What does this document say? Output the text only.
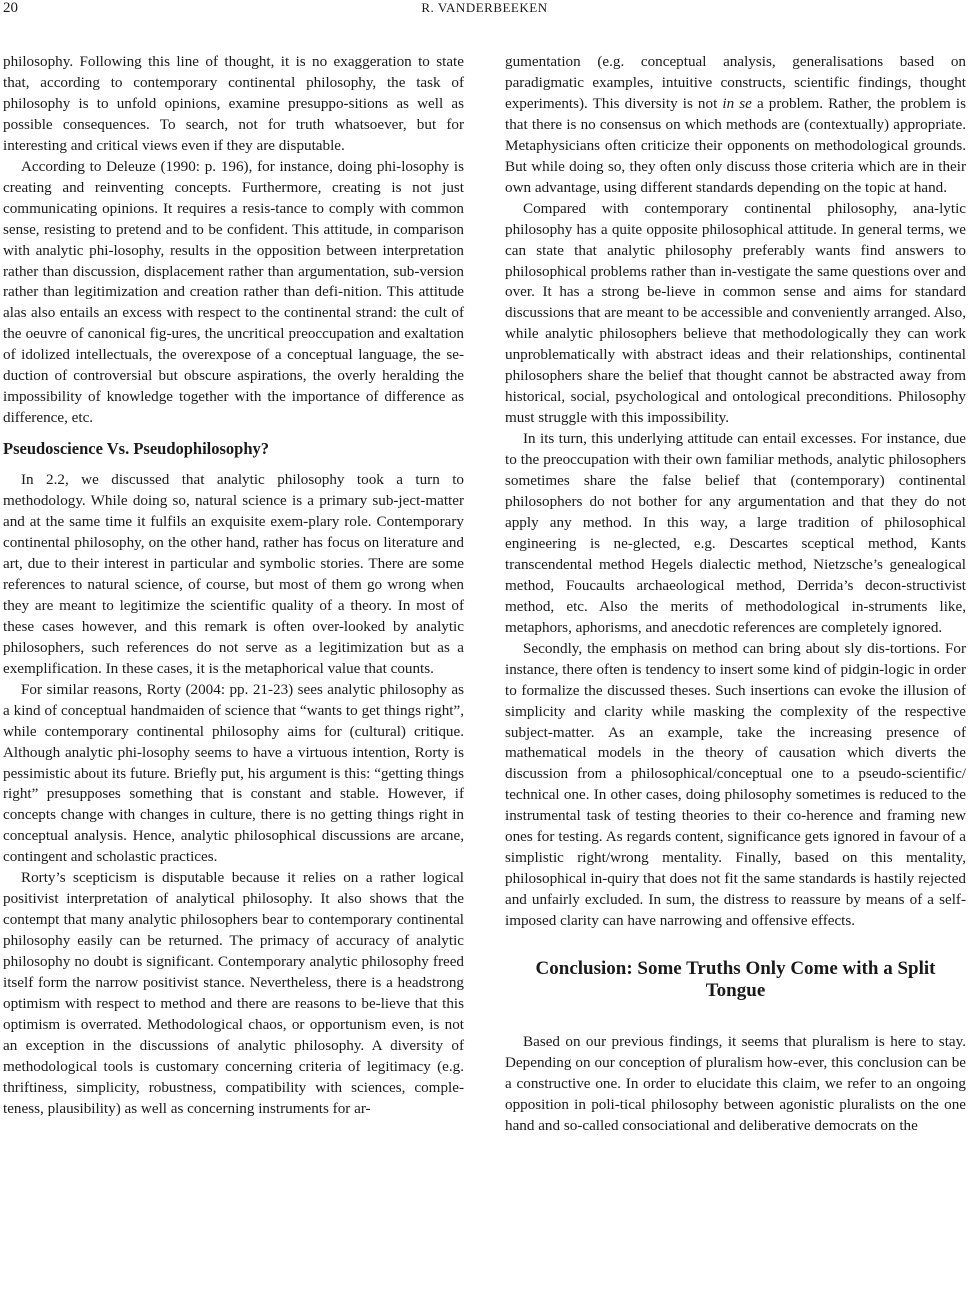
20	R. VANDERBEEKEN

philosophy. Following this line of thought, it is no exaggeration to state that, according to contemporary continental philosophy, the task of philosophy is to unfold opinions, examine presuppo-sitions as well as possible consequences. To search, not for truth whatsoever, but for interesting and critical views even if they are disputable.

According to Deleuze (1990: p. 196), for instance, doing phi-losophy is creating and reinventing concepts. Furthermore, creating is not just communicating opinions. It requires a resis-tance to comply with common sense, resisting to pretend and to be confident. This attitude, in comparison with analytic phi-losophy, results in the opposition between interpretation rather than discussion, displacement rather than argumentation, sub-version rather than legitimization and creation rather than defi-nition. This attitude alas also entails an excess with respect to the continental strand: the cult of the oeuvre of canonical fig-ures, the uncritical preoccupation and exaltation of idolized intellectuals, the overexpose of a conceptual language, the se-duction of controversial but obscure aspirations, the overly heralding the impossibility of knowledge together with the importance of difference as difference, etc.

Pseudoscience Vs. Pseudophilosophy?

In 2.2, we discussed that analytic philosophy took a turn to methodology. While doing so, natural science is a primary sub-ject-matter and at the same time it fulfils an exquisite exem-plary role. Contemporary continental philosophy, on the other hand, rather has focus on literature and art, due to their interest in particular and symbolic stories. There are some references to natural science, of course, but most of them go wrong when they are meant to legitimize the scientific quality of a theory. In most of these cases however, and this remark is often over-looked by analytic philosophers, such references do not serve as a legitimization but as a exemplification. In these cases, it is the metaphorical value that counts.

For similar reasons, Rorty (2004: pp. 21-23) sees analytic philosophy as a kind of conceptual handmaiden of science that “wants to get things right”, while contemporary continental philosophy aims for (cultural) critique. Although analytic phi-losophy seems to have a virtuous intention, Rorty is pessimistic about its future. Briefly put, his argument is this: “getting things right” presupposes something that is constant and stable. However, if concepts change with changes in culture, there is no getting things right in conceptual analysis. Hence, analytic philosophical discussions are arcane, contingent and scholastic practices.

Rorty’s scepticism is disputable because it relies on a rather logical positivist interpretation of analytical philosophy. It also shows that the contempt that many analytic philosophers bear to contemporary continental philosophy easily can be returned. The primacy of accuracy of analytic philosophy no doubt is significant. Contemporary analytic philosophy freed itself form the narrow positivist stance. Nevertheless, there is a headstrong optimism with respect to method and there are reasons to be-lieve that this optimism is overrated. Methodological chaos, or opportunism even, is not an exception in the discussions of analytic philosophy. A diversity of methodological tools is customary concerning criteria of legitimacy (e.g. thriftiness, simplicity, robustness, compatibility with sciences, comple-teness, plausibility) as well as concerning instruments for ar-

gumentation (e.g. conceptual analysis, generalisations based on paradigmatic examples, intuitive constructs, scientific findings, thought experiments). This diversity is not in se a problem. Rather, the problem is that there is no consensus on which methods are (contextually) appropriate. Metaphysicians often criticize their opponents on methodological grounds. But while doing so, they often only discuss those criteria which are in their own advantage, using different standards depending on the topic at hand.

Compared with contemporary continental philosophy, ana-lytic philosophy has a quite opposite philosophical attitude. In general terms, we can state that analytic philosophy preferably wants find answers to philosophical problems rather than in-vestigate the same questions over and over. It has a strong be-lieve in common sense and aims for standard discussions that are meant to be accessible and conveniently arranged. Also, while analytic philosophers believe that methodologically they can work unproblematically with abstract ideas and their relationships, continental philosophers share the belief that thought cannot be abstracted away from historical, social, psychological and ontological preconditions. Philosophy must struggle with this impossibility.

In its turn, this underlying attitude can entail excesses. For instance, due to the preoccupation with their own familiar methods, analytic philosophers sometimes share the false belief that (contemporary) continental philosophers do not bother for any argumentation and that they do not apply any method. In this way, a large tradition of philosophical engineering is ne-glected, e.g. Descartes sceptical method, Kants transcendental method Hegels dialectic method, Nietzsche’s genealogical method, Foucaults archaeological method, Derrida’s decon-structivist method, etc. Also the merits of methodological in-struments like, metaphors, aphorisms, and anecdotic references are completely ignored.

Secondly, the emphasis on method can bring about sly dis-tortions. For instance, there often is tendency to insert some kind of pidgin-logic in order to formalize the discussed theses. Such insertions can evoke the illusion of simplicity and clarity while masking the complexity of the respective subject-matter. As an example, take the increasing presence of mathematical models in the theory of causation which diverts the discussion from a philosophical/conceptual one to a pseudo-scientific/ technical one. In other cases, doing philosophy sometimes is reduced to the instrumental task of testing theories to their co-herence and framing new ones for testing. As regards content, significance gets ignored in favour of a simplistic right/wrong mentality. Finally, based on this mentality, philosophical in-quiry that does not fit the same standards is hastily rejected and unfairly excluded. In sum, the distress to reassure by means of a self-imposed clarity can have narrowing and offensive effects.

Conclusion: Some Truths Only Come with a Split Tongue

Based on our previous findings, it seems that pluralism is here to stay. Depending on our conception of pluralism how-ever, this conclusion can be a constructive one. In order to elucidate this claim, we refer to an ongoing opposition in poli-tical philosophy between agonistic pluralists on the one hand and so-called consociational and deliberative democrats on the
